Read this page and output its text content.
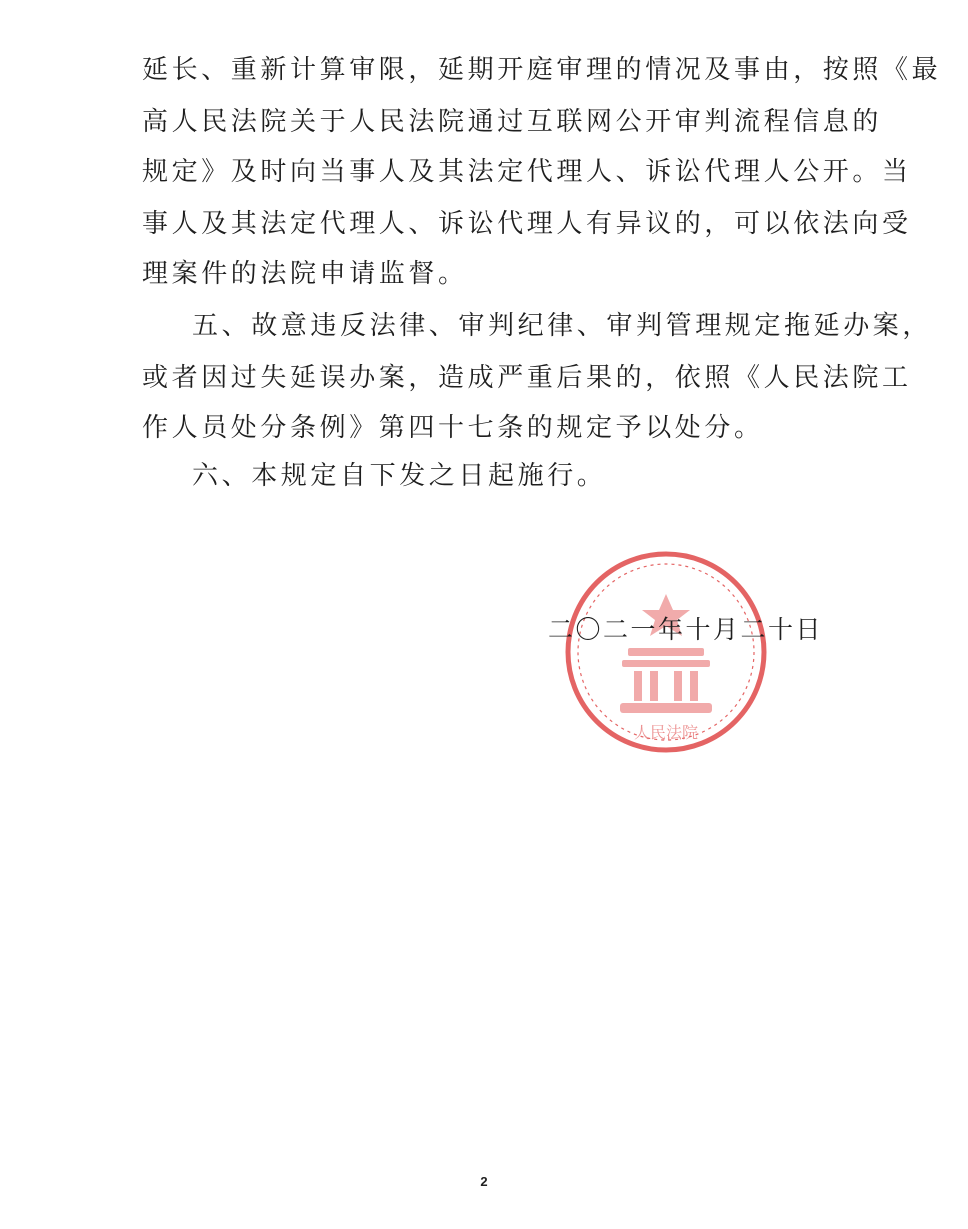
延长、重新计算审限，延期开庭审理的情况及事由，按照《最
高人民法院关于人民法院通过互联网公开审判流程信息的
规定》及时向当事人及其法定代理人、诉讼代理人公开。当
事人及其法定代理人、诉讼代理人有异议的，可以依法向受
理案件的法院申请监督。
五、故意违反法律、审判纪律、审判管理规定拖延办案，
或者因过失延误办案，造成严重后果的，依照《人民法院工
作人员处分条例》第四十七条的规定予以处分。
六、本规定自下发之日起施行。
人民法院
二〇二一年十月二十日
2
